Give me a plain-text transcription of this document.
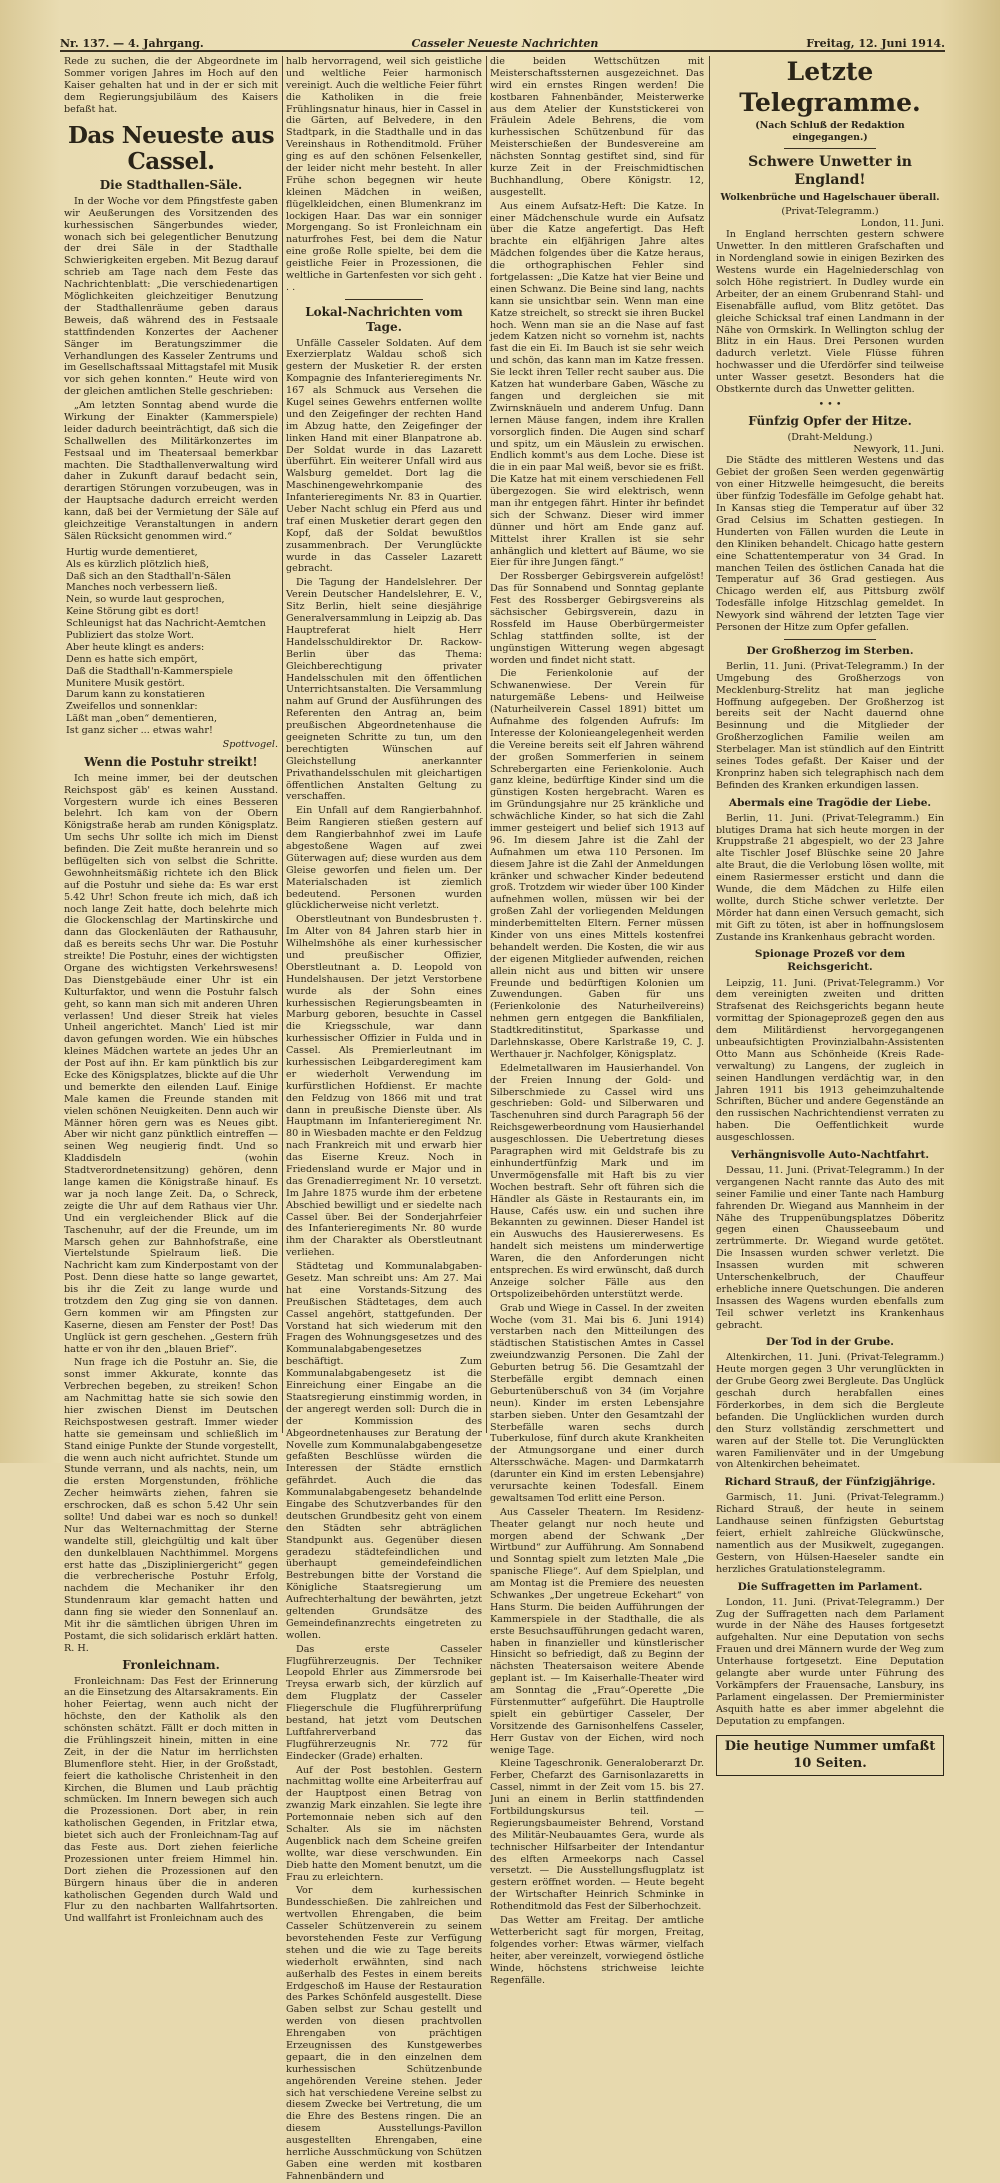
Nr. 137. — 4. Jahrgang.	Casseler Neueste Nachrichten	Freitag, 12. Juni 1914.

Rede zu suchen, die der Abgeordnete im Sommer vorigen Jahres im Hoch auf den Kaiser gehalten hat und in der er sich mit dem Regierungsjubiläum des Kaisers befaßt hat.

Das Neueste aus Cassel.
Die Stadthallen-Säle.

In der Woche vor dem Pfingstfeste gaben wir Aeußerungen des Vorsitzenden des kurhessischen Sängerbundes wieder, wonach sich bei gelegentlicher Benutzung der drei Säle in der Stadthalle Schwierigkeiten ergeben. Mit Bezug darauf schrieb am Tage nach dem Feste das Nachrichtenblatt: „Die verschiedenartigen Möglichkeiten gleichzeitiger Benutzung der Stadthallenräume geben daraus Beweis, daß während des in Festsaale stattfindenden Konzertes der Aachener Sänger im Beratungszimmer die Verhandlungen des Kasseler Zentrums und im Gesellschaftssaal Mittagstafel mit Musik vor sich gehen konnten.“ Heute wird von der gleichen amtlichen Stelle geschrieben:

„Am letzten Sonntag abend wurde die Wirkung der Einakter (Kammerspiele) leider dadurch beeinträchtigt, daß sich die Schallwellen des Militärkonzertes im Festsaal und im Theatersaal bemerkbar machten. Die Stadthallenverwaltung wird daher in Zukunft darauf bedacht sein, derartigen Störungen vorzubeugen, was in der Hauptsache dadurch erreicht werden kann, daß bei der Vermietung der Säle auf gleichzeitige Veranstaltungen in andern Sälen Rücksicht genommen wird.“

Hurtig wurde dementieret,
Als es kürzlich plötzlich hieß,
Daß sich an den Stadthall'n-Sälen
Manches noch verbessern ließ.
Nein, so wurde laut gesprochen,
Keine Störung gibt es dort!
Schleunigst hat das Nachricht-Aemtchen
Publiziert das stolze Wort.
Aber heute klingt es anders:
Denn es hatte sich empört,
Daß die Stadthall'n-Kammerspiele
Munitere Musik gestört.
Darum kann zu konstatieren
Zweifellos und sonnenklar:
Läßt man „oben“ dementieren,
Ist ganz sicher ... etwas wahr!
Spottvogel.
Wenn die Postuhr streikt!

Ich meine immer, bei der deutschen Reichspost gäb' es keinen Ausstand. Vorgestern wurde ich eines Besseren belehrt. Ich kam von der Obern Königstraße herab am runden Königsplatz. Um sechs Uhr sollte ich mich im Dienst befinden. Die Zeit mußte heranrein und so beflügelten sich von selbst die Schritte. Gewohnheitsmäßig richtete ich den Blick auf die Postuhr und siehe da: Es war erst 5.42 Uhr! Schon freute ich mich, daß ich noch lange Zeit hatte, doch belehrte mich die Glockenschlag der Martinskirche und dann das Glockenläuten der Rathausuhr, daß es bereits sechs Uhr war. Die Postuhr streikte! Die Postuhr, eines der wichtigsten Organe des wichtigsten Verkehrswesens! Das Dienstgebäude einer Uhr ist ein Kulturfaktor, und wenn die Postuhr falsch geht, so kann man sich mit anderen Uhren verlassen! Und dieser Streik hat vieles Unheil angerichtet. Manch' Lied ist mir davon gefungen worden. Wie ein hübsches kleines Mädchen wartete an jedes Uhr an der Post auf ihn. Er kam pünktlich bis zur Ecke des Königsplatzes, blickte auf die Uhr und bemerkte den eilenden Lauf. Einige Male kamen die Freunde standen mit vielen schönen Neuigkeiten. Denn auch wir Männer hören gern was es Neues gibt. Aber wir nicht ganz pünktlich eintreffen — seinen Weg neugierig findt. Und so Kladdisdeln (wohin Stadtverordnetensitzung) gehören, denn lange kamen die Königstraße hinauf. Es war ja noch lange Zeit. Da, o Schreck, zeigte die Uhr auf dem Rathaus vier Uhr. Und ein vergleichender Blick auf die Taschenuhr, auf der die Freunde, um im Marsch gehen zur Bahnhofstraße, eine Viertelstunde Spielraum ließ. Die Nachricht kam zum Kinderpostamt von der Post. Denn diese hatte so lange gewartet, bis ihr die Zeit zu lange wurde und trotzdem den Zug ging sie von dannen. Gern kommen wir am Pfingsten zur Kaserne, diesen am Fenster der Post! Das Unglück ist gern geschehen. „Gestern früh hatte er von ihr den „blauen Brief“.

Nun frage ich die Postuhr an. Sie, die sonst immer Akkurate, konnte das Verbrechen begeben, zu streiken! Schon am Nachmittag hatte sie sich sowie den hier zwischen Dienst im Deutschen Reichspostwesen gestraft. Immer wieder hatte sie gemeinsam und schließlich im Stand einige Punkte der Stunde vorgestellt, die wenn auch nicht aufrichtet. Stunde um Stunde verrann, und als nachts, nein, um die ersten Morgenstunden, fröhliche Zecher heimwärts ziehen, fahren sie erschrocken, daß es schon 5.42 Uhr sein sollte! Und dabei war es noch so dunkel! Nur das Welternachmittag der Sterne wandelte still, gleichgültig und kalt über den dunkelblauen Nachthimmel. Morgens erst hatte das „Diszipliniergericht“ gegen die verbrecherische Postuhr Erfolg, nachdem die Mechaniker ihr den Stundenraum klar gemacht hatten und dann fing sie wieder den Sonnenlauf an. Mit ihr die sämtlichen übrigen Uhren im Postamt, die sich solidarisch erklärt hatten. R. H.

Fronleichnam.

Fronleichnam: Das Fest der Erinnerung an die Einsetzung des Altarsakraments. Ein hoher Feiertag, wenn auch nicht der höchste, den der Katholik als den schönsten schätzt. Fällt er doch mitten in die Frühlingszeit hinein, mitten in eine Zeit, in der die Natur im herrlichsten Blumenflore steht. Hier, in der Großstadt, feiert die katholische Christenheit in den Kirchen, die Blumen und Laub prächtig schmücken. Im Innern bewegen sich auch die Prozessionen. Dort aber, in rein katholischen Gegenden, in Fritzlar etwa, bietet sich auch der Fronleichnam-Tag auf das Feste aus. Dort ziehen feierliche Prozessionen unter freiem Himmel hin. Dort ziehen die Prozessionen auf den Bürgern hinaus über die in anderen katholischen Gegenden durch Wald und Flur zu den nachbarten Wallfahrtsorten. Und wallfahrt ist Fronleichnam auch des

halb hervorragend, weil sich geistliche und weltliche Feier harmonisch vereinigt. Auch die weltliche Feier führt die Katholiken in die freie Frühlingsnatur hinaus, hier in Cassel in die Gärten, auf Belvedere, in den Stadtpark, in die Stadthalle und in das Vereinshaus in Rothenditmold. Früher ging es auf den schönen Felsenkeller, der leider nicht mehr besteht. In aller Frühe schon begegnen wir heute kleinen Mädchen in weißen, flügelkleidchen, einen Blumenkranz im lockigen Haar. Das war ein sonniger Morgengang. So ist Fronleichnam ein naturfrohes Fest, bei dem die Natur eine große Rolle spielte, bei dem die geistliche Feier in Prozessionen, die weltliche in Gartenfesten vor sich geht . . .

Lokal-Nachrichten vom Tage.

Unfälle Casseler Soldaten. Auf dem Exerzierplatz Waldau schoß sich gestern der Musketier R. der ersten Kompagnie des Infanterieregiments Nr. 167 als Schmuck aus Versehen die Kugel seines Gewehrs entfernen wollte und den Zeigefinger der rechten Hand im Abzug hatte, den Zeigefinger der linken Hand mit einer Blanpatrone ab. Der Soldat wurde in das Lazarett überführt. Ein weiterer Unfall wird aus Walsburg gemeldet. Dort lag die Maschinengewehrkompanie des Infanterieregiments Nr. 83 in Quartier. Ueber Nacht schlug ein Pferd aus und traf einen Musketier derart gegen den Kopf, daß der Soldat bewußtlos zusammenbrach. Der Verunglückte wurde in das Casseler Lazarett gebracht.

Die Tagung der Handelslehrer. Der Verein Deutscher Handelslehrer, E. V., Sitz Berlin, hielt seine diesjährige Generalversammlung in Leipzig ab. Das Hauptreferat hielt Herr Handelsschuldirektor Dr. Rackow-Berlin über das Thema: Gleichberechtigung privater Handelsschulen mit den öffentlichen Unterrichtsanstalten. Die Versammlung nahm auf Grund der Ausführungen des Referenten den Antrag an, beim preußischen Abgeordnetenhause die geeigneten Schritte zu tun, um den berechtigten Wünschen auf Gleichstellung anerkannter Privathandelsschulen mit gleichartigen öffentlichen Anstalten Geltung zu verschaffen.

Ein Unfall auf dem Rangierbahnhof. Beim Rangieren stießen gestern auf dem Rangierbahnhof zwei im Laufe abgestoßene Wagen auf zwei Güterwagen auf; diese wurden aus dem Gleise geworfen und fielen um. Der Materialschaden ist ziemlich bedeutend. Personen wurden glücklicherweise nicht verletzt.

Oberstleutnant von Bundesbrusten †. Im Alter von 84 Jahren starb hier in Wilhelmshöhe als einer kurhessischer und preußischer Offizier, Oberstleutnant a. D. Leopold von Hundelshausen. Der jetzt Verstorbene wurde als der Sohn eines kurhessischen Regierungsbeamten in Marburg geboren, besuchte in Cassel die Kriegsschule, war dann kurhessischer Offizier in Fulda und in Cassel. Als Premierleutnant im kurhessischen Leibgarderegiment kam er wiederholt Verwendung im kurfürstlichen Hofdienst. Er machte den Feldzug von 1866 mit und trat dann in preußische Dienste über. Als Hauptmann im Infanterieregiment Nr. 80 in Wiesbaden machte er den Feldzug nach Frankreich mit und erwarb hier das Eiserne Kreuz. Noch in Friedensland wurde er Major und in das Grenadierregiment Nr. 10 versetzt. Im Jahre 1875 wurde ihm der erbetene Abschied bewilligt und er siedelte nach Cassel über. Bei der Sonderjahrfeier des Infanterieregiments Nr. 80 wurde ihm der Charakter als Oberstleutnant verliehen.

Städtetag und Kommunalabgaben-Gesetz. Man schreibt uns: Am 27. Mai hat eine Vorstands-Sitzung des Preußischen Städtetages, dem auch Cassel angehört, stattgefunden. Der Vorstand hat sich wiederum mit den Fragen des Wohnungsgesetzes und des Kommunalabgabengesetzes beschäftigt. Zum Kommunalabgabengesetz ist die Einreichung einer Eingabe an die Staatsregierung einstimmig worden, in der angeregt werden soll: Durch die in der Kommission des Abgeordnetenhauses zur Beratung der Novelle zum Kommunalabgabengesetze gefaßten Beschlüsse würden die Interessen der Städte ernstlich gefährdet. Auch die das Kommunalabgabengesetz behandelnde Eingabe des Schutzverbandes für den deutschen Grundbesitz geht von einem den Städten sehr abträglichen Standpunkt aus. Gegenüber diesen geradezu städtefeindlichen und überhaupt gemeindefeindlichen Bestrebungen bitte der Vorstand die Königliche Staatsregierung um Aufrechterhaltung der bewährten, jetzt geltenden Grundsätze des Gemeindefinanzrechts eingetreten zu wollen.

Das erste Casseler Flugführerzeugnis. Der Techniker Leopold Ehrler aus Zimmersrode bei Treysa erwarb sich, der kürzlich auf dem Flugplatz der Casseler Fliegerschule die Flugführerprüfung bestand, hat jetzt vom Deutschen Luftfahrerverband das Flugführerzeugnis Nr. 772 für Eindecker (Grade) erhalten.

Auf der Post bestohlen. Gestern nachmittag wollte eine Arbeiterfrau auf der Hauptpost einen Betrag von zwanzig Mark einzahlen. Sie legte ihre Portemonnaie neben sich auf den Schalter. Als sie im nächsten Augenblick nach dem Scheine greifen wollte, war diese verschwunden. Ein Dieb hatte den Moment benutzt, um die Frau zu erleichtern.

Vor dem kurhessischen Bundesschießen. Die zahlreichen und wertvollen Ehrengaben, die beim Casseler Schützenverein zu seinem bevorstehenden Feste zur Verfügung stehen und die wie zu Tage bereits wiederholt erwähnten, sind nach außerhalb des Festes in einem bereits Erdgeschoß im Hause der Restauration des Parkes Schönfeld ausgestellt. Diese Gaben selbst zur Schau gestellt und werden von diesen prachtvollen Ehrengaben von prächtigen Erzeugnissen des Kunstgewerbes gepaart, die in den einzelnen dem kurhessischen Schützenbunde angehörenden Vereine stehen. Jeder sich hat verschiedene Vereine selbst zu diesem Zwecke bei Vertretung, die um die Ehre des Bestens ringen. Die an diesem Ausstellungs-Pavillon ausgestellten Ehrengaben, eine herrliche Ausschmückung von Schützen Gaben eine werden mit kostbaren Fahnenbändern und

die beiden Wettschützen mit Meisterschaftssternen ausgezeichnet. Das wird ein ernstes Ringen werden! Die kostbaren Fahnenbänder, Meisterwerke aus dem Atelier der Kunststickerei von Fräulein Adele Behrens, die vom kurhessischen Schützenbund für das Meisterschießen der Bundesvereine am nächsten Sonntag gestiftet sind, sind für kurze Zeit in der Freischmidtischen Buchhandlung, Obere Königstr. 12, ausgestellt.

Aus einem Aufsatz-Heft: Die Katze. In einer Mädchenschule wurde ein Aufsatz über die Katze angefertigt. Das Heft brachte ein elfjährigen Jahre altes Mädchen folgendes über die Katze heraus, die orthographischen Fehler sind fortgelassen: „Die Katze hat vier Beine und einen Schwanz. Die Beine sind lang, nachts kann sie unsichtbar sein. Wenn man eine Katze streichelt, so streckt sie ihren Buckel hoch. Wenn man sie an die Nase auf fast jedem Katzen nicht so vornehm ist, nachts fast die ein Ei. Im Bauch ist sie sehr weich und schön, das kann man im Katze fressen. Sie leckt ihren Teller recht sauber aus. Die Katzen hat wunderbare Gaben, Wäsche zu fangen und dergleichen sie mit Zwirnsknäueln und anderem Unfug. Dann lernen Mäuse fangen, indem ihre Krallen vorsorglich finden. Die Augen sind scharf und spitz, um ein Mäuslein zu erwischen. Endlich kommt's aus dem Loche. Diese ist die in ein paar Mal weiß, bevor sie es frißt. Die Katze hat mit einem verschiedenen Fell übergezogen. Sie wird elektrisch, wenn man ihr entgegen fährt. Hinter ihr befindet sich der Schwanz. Dieser wird immer dünner und hört am Ende ganz auf. Mittelst ihrer Krallen ist sie sehr anhänglich und klettert auf Bäume, wo sie Eier für ihre Jungen fängt.“

Der Rossberger Gebirgsverein aufgelöst! Das für Sonnabend und Sonntag geplante Fest des Rossberger Gebirgsvereins als sächsischer Gebirgsverein, dazu in Rossfeld im Hause Oberbürgermeister Schlag stattfinden sollte, ist der ungünstigen Witterung wegen abgesagt worden und findet nicht statt.

Die Ferienkolonie auf der Schwanenwiese. Der Verein für naturgemäße Lebens- und Heilweise (Naturheilverein Cassel 1891) bittet um Aufnahme des folgenden Aufrufs: Im Interesse der Kolonieangelegenheit werden die Vereine bereits seit elf Jahren während der großen Sommerferien in seinem Schrebergarten eine Ferienkolonie. Auch ganz kleine, bedürftige Kinder sind um die günstigen Kosten hergebracht. Waren es im Gründungsjahre nur 25 kränkliche und schwächliche Kinder, so hat sich die Zahl immer gesteigert und belief sich 1913 auf 96. Im diesem Jahre ist die Zahl der Aufnahmen um etwa 110 Personen. Im diesem Jahre ist die Zahl der Anmeldungen kränker und schwacher Kinder bedeutend groß. Trotzdem wir wieder über 100 Kinder aufnehmen wollen, müssen wir bei der großen Zahl der vorliegenden Meldungen minderbemittelten Eltern. Ferner müssen Kinder von uns eines Mittels kostenfrei behandelt werden. Die Kosten, die wir aus der eigenen Mitglieder aufwenden, reichen allein nicht aus und bitten wir unsere Freunde und bedürftigen Kolonien um Zuwendungen. Gaben für uns (Ferienkolonie des Naturheilvereins) nehmen gern entgegen die Bankfilialen, Stadtkreditinstitut, Sparkasse und Darlehnskasse, Obere Karlstraße 19, C. J. Werthauer jr. Nachfolger, Königsplatz.

Edelmetallwaren im Hausierhandel. Von der Freien Innung der Gold- und Silberschmiede zu Cassel wird uns geschrieben: Gold- und Silberwaren und Taschenuhren sind durch Paragraph 56 der Reichsgewerbeordnung vom Hausierhandel ausgeschlossen. Die Uebertretung dieses Paragraphen wird mit Geldstrafe bis zu einhundertfünfzig Mark und im Unvermögensfalle mit Haft bis zu vier Wochen bestraft. Sehr oft führen sich die Händler als Gäste in Restaurants ein, im Hause, Cafés usw. ein und suchen ihre Bekannten zu gewinnen. Dieser Handel ist ein Auswuchs des Hausiererwesens. Es handelt sich meistens um minderwertige Waren, die den Anforderungen nicht entsprechen. Es wird erwünscht, daß durch Anzeige solcher Fälle aus den Ortspolizeibehörden unterstützt werde.

Grab und Wiege in Cassel. In der zweiten Woche (vom 31. Mai bis 6. Juni 1914) verstarben nach den Mitteilungen des städtischen Statistischen Amtes in Cassel zweiundzwanzig Personen. Die Zahl der Geburten betrug 56. Die Gesamtzahl der Sterbefälle ergibt demnach einen Geburtenüberschuß von 34 (im Vorjahre neun). Kinder im ersten Lebensjahre starben sieben. Unter den Gesamtzahl der Sterbefälle waren sechs durch Tuberkulose, fünf durch akute Krankheiten der Atmungsorgane und einer durch Altersschwäche. Magen- und Darmkatarrh (darunter ein Kind im ersten Lebensjahre) verursachte keinen Todesfall. Einem gewaltsamen Tod erlitt eine Person.

Aus Casseler Theatern. Im Residenz-Theater gelangt nur noch heute und morgen abend der Schwank „Der Wirtbund“ zur Aufführung. Am Sonnabend und Sonntag spielt zum letzten Male „Die spanische Fliege“. Auf dem Spielplan, und am Montag ist die Premiere des neuesten Schwankes „Der ungetreue Eckehart“ von Hans Sturm. Die beiden Aufführungen der Kammerspiele in der Stadthalle, die als erste Besuchsaufführungen gedacht waren, haben in finanzieller und künstlerischer Hinsicht so befriedigt, daß zu Beginn der nächsten Theatersaison weitere Abende geplant ist. — Im Kaiserhalle-Theater wird am Sonntag die „Frau“-Operette „Die Fürstenmutter“ aufgeführt. Die Hauptrolle spielt ein gebürtiger Casseler, Der Vorsitzende des Garnisonhelfens Casseler, Herr Gustav von der Eichen, wird noch wenige Tage.

Kleine Tageschronik. Generaloberarzt Dr. Ferber, Chefarzt des Garnisonlazaretts in Cassel, nimmt in der Zeit vom 15. bis 27. Juni an einem in Berlin stattfindenden Fortbildungskursus teil. — Regierungsbaumeister Behrend, Vorstand des Militär-Neubauamtes Gera, wurde als technischer Hilfsarbeiter der Intendantur des elften Armeekorps nach Cassel versetzt. — Die Ausstellungsflugplatz ist gestern eröffnet worden. — Heute begeht der Wirtschafter Heinrich Schminke in Rothenditmold das Fest der Silberhochzeit.

Das Wetter am Freitag. Der amtliche Wetterbericht sagt für morgen, Freitag, folgendes vorher: Etwas wärmer, vielfach heiter, aber vereinzelt, vorwiegend östliche Winde, höchstens strichweise leichte Regenfälle.

Letzte Telegramme.
(Nach Schluß der Redaktion eingegangen.)
Schwere Unwetter in England!
Wolkenbrüche und Hagelschauer überall.
(Privat-Telegramm.)
London, 11. Juni.

In England herrschten gestern schwere Unwetter. In den mittleren Grafschaften und in Nordengland sowie in einigen Bezirken des Westens wurde ein Hagelniederschlag von solch Höhe registriert. In Dudley wurde ein Arbeiter, der an einem Grubenrand Stahl- und Eisenabfälle auflud, vom Blitz getötet. Das gleiche Schicksal traf einen Landmann in der Nähe von Ormskirk. In Wellington schlug der Blitz in ein Haus. Drei Personen wurden dadurch verletzt. Viele Flüsse führen hochwasser und die Uferdörfer sind teilweise unter Wasser gesetzt. Besonders hat die Obstkernte durch das Unwetter gelitten.

• • •
Fünfzig Opfer der Hitze.
(Draht-Meldung.)
Newyork, 11. Juni.

Die Städte des mittleren Westens und das Gebiet der großen Seen werden gegenwärtig von einer Hitzwelle heimgesucht, die bereits über fünfzig Todesfälle im Gefolge gehabt hat. In Kansas stieg die Temperatur auf über 32 Grad Celsius im Schatten gestiegen. In Hunderten von Fällen wurden die Leute in den Kliniken behandelt. Chicago hatte gestern eine Schattentemperatur von 34 Grad. In manchen Teilen des östlichen Canada hat die Temperatur auf 36 Grad gestiegen. Aus Chicago werden elf, aus Pittsburg zwölf Todesfälle infolge Hitzschlag gemeldet. In Newyork sind während der letzten Tage vier Personen der Hitze zum Opfer gefallen.

Der Großherzog im Sterben.

Berlin, 11. Juni. (Privat-Telegramm.) In der Umgebung des Großherzogs von Mecklenburg-Strelitz hat man jegliche Hoffnung aufgegeben. Der Großherzog ist bereits seit der Nacht dauernd ohne Besinnung und die Mitglieder der Großherzoglichen Familie weilen am Sterbelager. Man ist stündlich auf den Eintritt seines Todes gefaßt. Der Kaiser und der Kronprinz haben sich telegraphisch nach dem Befinden des Kranken erkundigen lassen.

Abermals eine Tragödie der Liebe.

Berlin, 11. Juni. (Privat-Telegramm.) Ein blutiges Drama hat sich heute morgen in der Kruppstraße 21 abgespielt, wo der 23 Jahre alte Tischler Josef Blüschke seine 20 Jahre alte Braut, die die Verlobung lösen wollte, mit einem Rasiermesser ersticht und dann die Wunde, die dem Mädchen zu Hilfe eilen wollte, durch Stiche schwer verletzte. Der Mörder hat dann einen Versuch gemacht, sich mit Gift zu töten, ist aber in hoffnungslosem Zustande ins Krankenhaus gebracht worden.

Spionage Prozeß vor dem Reichsgericht.

Leipzig, 11. Juni. (Privat-Telegramm.) Vor dem vereinigten zweiten und dritten Strafsenat des Reichsgerichts begann heute vormittag der Spionageprozeß gegen den aus dem Militärdienst hervorgegangenen unbeaufsichtigten Provinzialbahn-Assistenten Otto Mann aus Schönheide (Kreis Rade-verwaltung) zu Langens, der zugleich in seinen Handlungen verdächtig war, in den Jahren 1911 bis 1913 geheimzuhaltende Schriften, Bücher und andere Gegenstände an den russischen Nachrichtendienst verraten zu haben. Die Oeffentlichkeit wurde ausgeschlossen.

Verhängnisvolle Auto-Nachtfahrt.

Dessau, 11. Juni. (Privat-Telegramm.) In der vergangenen Nacht rannte das Auto des mit seiner Familie und einer Tante nach Hamburg fahrenden Dr. Wiegand aus Mannheim in der Nähe des Truppenübungsplatzes Döberitz gegen einen Chausseebaum und zertrümmerte. Dr. Wiegand wurde getötet. Die Insassen wurden schwer verletzt. Die Insassen wurden mit schweren Unterschenkelbruch, der Chauffeur erhebliche innere Quetschungen. Die anderen Insassen des Wagens wurden ebenfalls zum Teil schwer verletzt ins Krankenhaus gebracht.

Der Tod in der Grube.

Altenkirchen, 11. Juni. (Privat-Telegramm.) Heute morgen gegen 3 Uhr verunglückten in der Grube Georg zwei Bergleute. Das Unglück geschah durch herabfallen eines Förderkorbes, in dem sich die Bergleute befanden. Die Unglücklichen wurden durch den Sturz vollständig zerschmettert und waren auf der Stelle tot. Die Verunglückten waren Familienväter und in der Umgebung von Altenkirchen beheimatet.

Richard Strauß, der Fünfzigjährige.

Garmisch, 11. Juni. (Privat-Telegramm.) Richard Strauß, der heute in seinem Landhause seinen fünfzigsten Geburtstag feiert, erhielt zahlreiche Glückwünsche, namentlich aus der Musikwelt, zugegangen. Gestern, von Hülsen-Haeseler sandte ein herzliches Gratulationstelegramm.

Die Suffragetten im Parlament.

London, 11. Juni. (Privat-Telegramm.) Der Zug der Suffragetten nach dem Parlament wurde in der Nähe des Hauses fortgesetzt aufgehalten. Nur eine Deputation von sechs Frauen und drei Männern wurde der Weg zum Unterhause fortgesetzt. Eine Deputation gelangte aber wurde unter Führung des Vorkämpfers der Frauensache, Lansbury, ins Parlament eingelassen. Der Premierminister Asquith hatte es aber immer abgelehnt die Deputation zu empfangen.

Die heutige Nummer umfaßt 10 Seiten.
